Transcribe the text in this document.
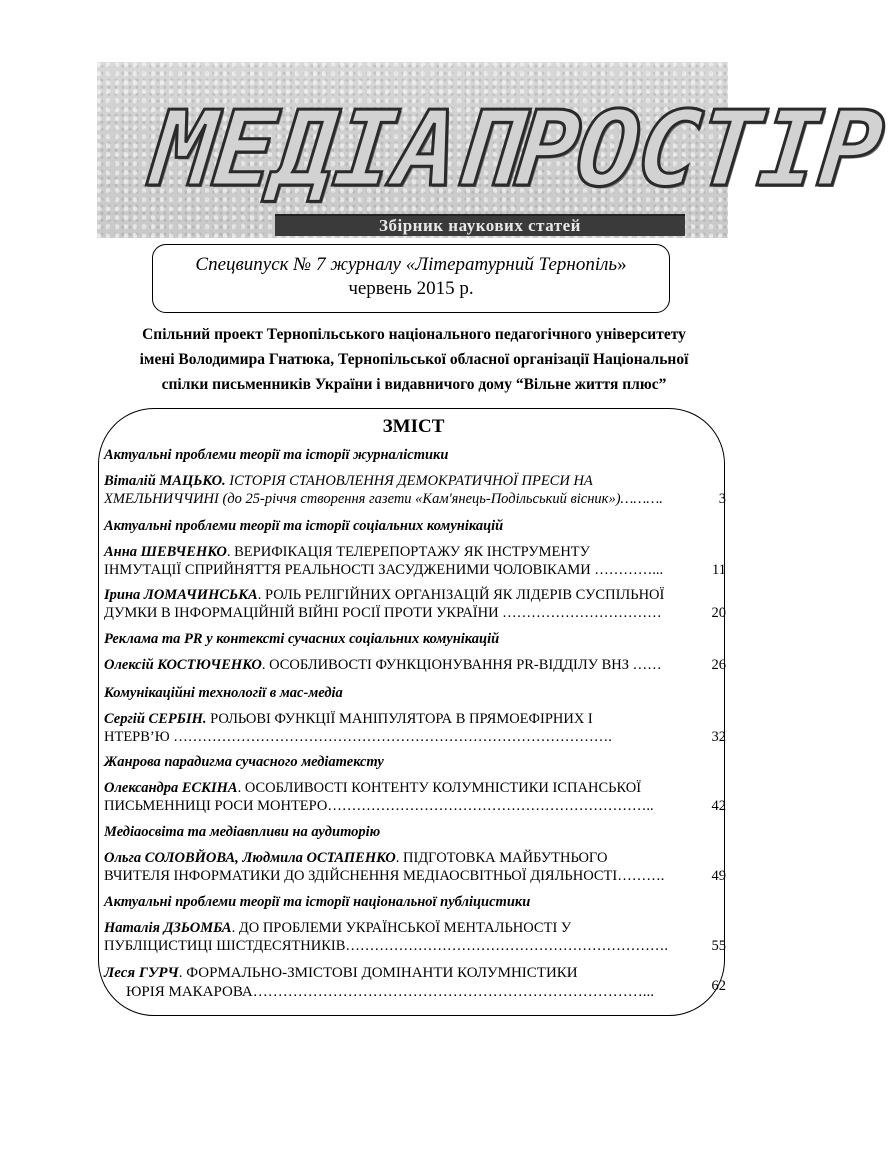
МЕДІАПРОСТІР
Збірник наукових статей
Спецвипуск № 7 журналу «Літературний Тернопіль»
червень 2015 р.
Спільний проект Тернопільського національного педагогічного університету
імені Володимира Гнатюка, Тернопільської обласної організації Національної
спілки письменників України і видавничого дому “Вільне життя плюс”
ЗМІСТ
Актуальні проблеми теорії та історії журналістики
Віталій МАЦЬКО. ІСТОРІЯ СТАНОВЛЕННЯ ДЕМОКРАТИЧНОЇ ПРЕСИ НА
ХМЕЛЬНИЧЧИНІ (до 25-річчя створення газети «Кам'янець-Подільський вісник»)……….	3
Актуальні проблеми теорії та історії соціальних комунікацій
Анна ШЕВЧЕНКО. ВЕРИФІКАЦІЯ ТЕЛЕРЕПОРТАЖУ ЯК ІНСТРУМЕНТУ
ІНМУТАЦІЇ СПРИЙНЯТТЯ РЕАЛЬНОСТІ ЗАСУДЖЕНИМИ ЧОЛОВІКАМИ …………...	11
Ірина ЛОМАЧИНСЬКА. РОЛЬ РЕЛІГІЙНИХ ОРГАНІЗАЦІЙ ЯК ЛІДЕРІВ СУСПІЛЬНОЇ
ДУМКИ В ІНФОРМАЦІЙНІЙ ВІЙНІ РОСІЇ ПРОТИ УКРАЇНИ ……………………………	20
Реклама та PR у контексті сучасних соціальних комунікацій
Олексій КОСТЮЧЕНКО. ОСОБЛИВОСТІ ФУНКЦІОНУВАННЯ PR-ВІДДІЛУ ВНЗ ……	26
Комунікаційні технології в мас-медіа
Сергій СЕРБІН. РОЛЬОВІ ФУНКЦІЇ МАНІПУЛЯТОРА В ПРЯМОЕФІРНИХ І
НТЕРВ’Ю ……………………………………………………………………………….	32
Жанрова парадигма сучасного медіатексту
Олександра ЕСКІНА. ОСОБЛИВОСТІ КОНТЕНТУ КОЛУМНІСТИКИ ІСПАНСЬКОЇ
ПИСЬМЕННИЦІ РОСИ МОНТЕРО…………………………………………………………..	42
Медіаосвіта та медіавпливи на аудиторію
Ольга СОЛОВЙОВА, Людмила ОСТАПЕНКО. ПІДГОТОВКА МАЙБУТНЬОГО
ВЧИТЕЛЯ ІНФОРМАТИКИ ДО ЗДІЙСНЕННЯ МЕДІАОСВІТНЬОЇ ДІЯЛЬНОСТІ……….	49
Актуальні проблеми теорії та історії національної публіцистики
Наталія ДЗЬОМБА. ДО ПРОБЛЕМИ УКРАЇНСЬКОЇ МЕНТАЛЬНОСТІ У
ПУБЛІЦИСТИЦІ ШІСТДЕСЯТНИКІВ………………………………………………………….	55
Леся ГУРЧ. ФОРМАЛЬНО-ЗМІСТОВІ ДОМІНАНТИ КОЛУМНІСТИКИ
ЮРІЯ МАКАРОВА……………………………………………………………………...	62
